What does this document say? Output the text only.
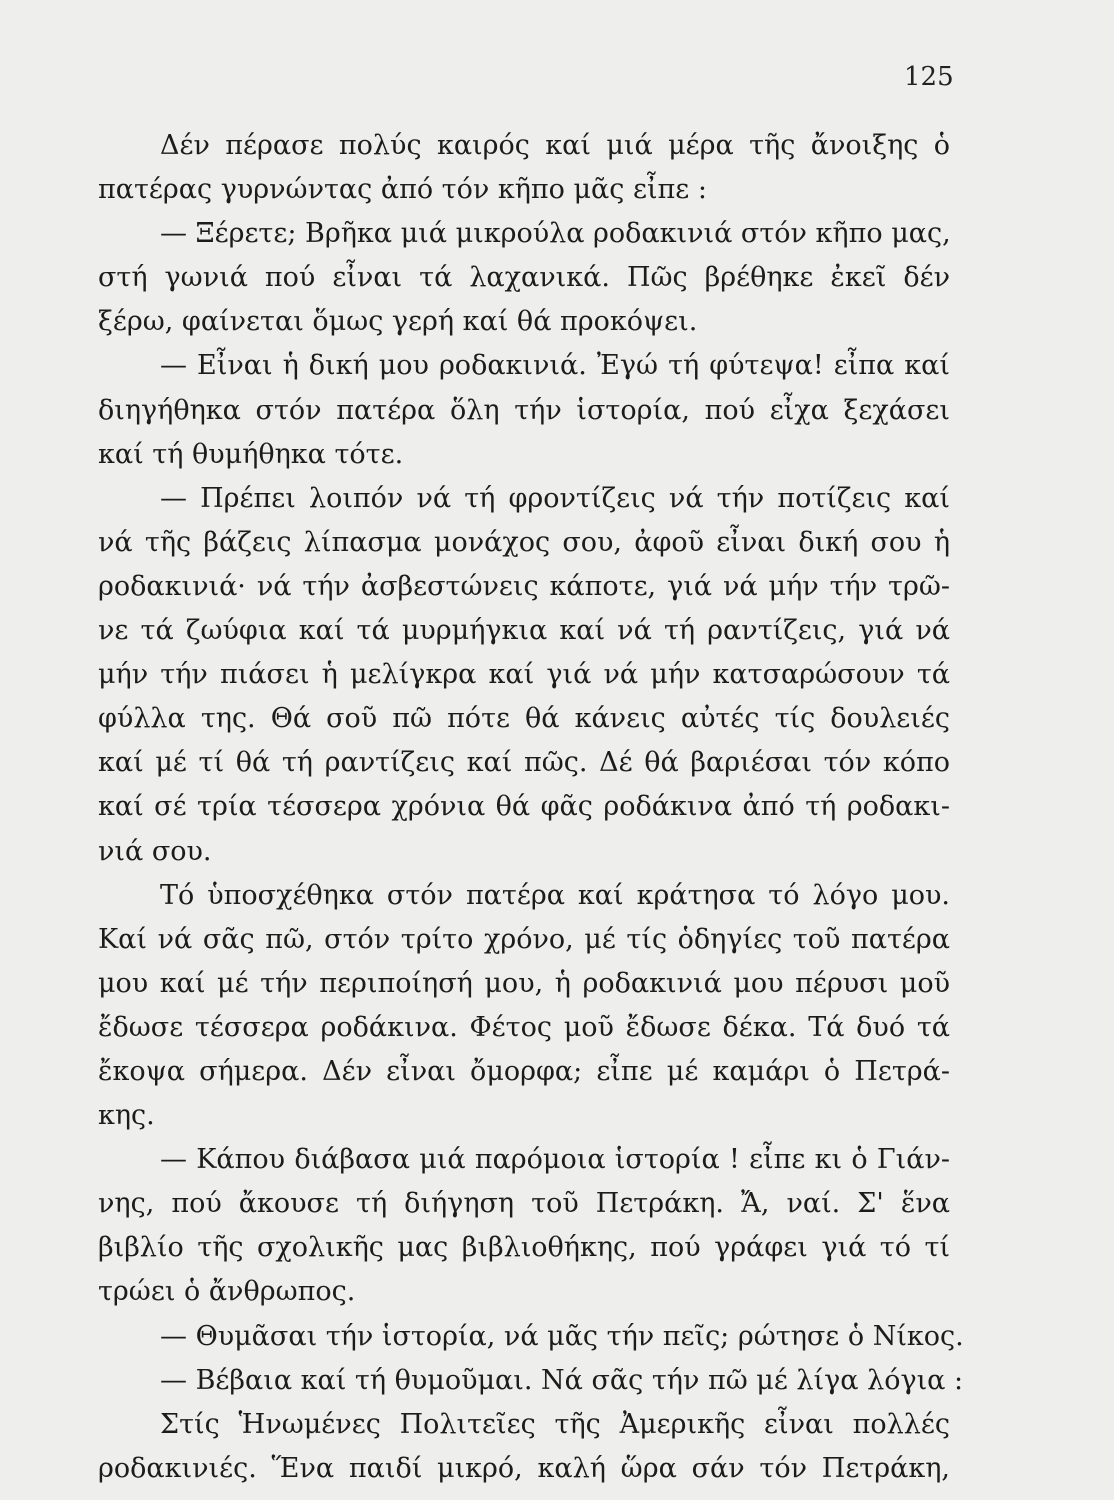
125
Δέν πέρασε πολύς καιρός καί μιά μέρα τῆς ἄνοιξης ὁ
πατέρας γυρνώντας ἀπό τόν κῆπο μᾶς εἶπε :
— Ξέρετε; Βρῆκα μιά μικρούλα ροδακινιά στόν κῆπο μας,
στή γωνιά πού εἶναι τά λαχανικά. Πῶς βρέθηκε ἐκεῖ δέν
ξέρω, φαίνεται ὅμως γερή καί θά προκόψει.
— Εἶναι ἡ δική μου ροδακινιά. Ἐγώ τή φύτεψα! εἶπα καί
διηγήθηκα στόν πατέρα ὅλη τήν ἱστορία, πού εἶχα ξεχάσει
καί τή θυμήθηκα τότε.
— Πρέπει λοιπόν νά τή φροντίζεις νά τήν ποτίζεις καί
νά τῆς βάζεις λίπασμα μονάχος σου, ἀφοῦ εἶναι δική σου ἡ
ροδακινιά· νά τήν ἀσβεστώνεις κάποτε, γιά νά μήν τήν τρῶ-
νε τά ζωύφια καί τά μυρμήγκια καί νά τή ραντίζεις, γιά νά
μήν τήν πιάσει ἡ μελίγκρα καί γιά νά μήν κατσαρώσουν τά
φύλλα της. Θά σοῦ πῶ πότε θά κάνεις αὐτές τίς δουλειές
καί μέ τί θά τή ραντίζεις καί πῶς. Δέ θά βαριέσαι τόν κόπο
καί σέ τρία τέσσερα χρόνια θά φᾶς ροδάκινα ἀπό τή ροδακι-
νιά σου.
Τό ὑποσχέθηκα στόν πατέρα καί κράτησα τό λόγο μου.
Καί νά σᾶς πῶ, στόν τρίτο χρόνο, μέ τίς ὁδηγίες τοῦ πατέρα
μου καί μέ τήν περιποίησή μου, ἡ ροδακινιά μου πέρυσι μοῦ
ἔδωσε τέσσερα ροδάκινα. Φέτος μοῦ ἔδωσε δέκα. Τά δυό τά
ἔκοψα σήμερα. Δέν εἶναι ὄμορφα; εἶπε μέ καμάρι ὁ Πετρά-
κης.
— Κάπου διάβασα μιά παρόμοια ἱστορία ! εἶπε κι ὁ Γιάν-
νης, πού ἄκουσε τή διήγηση τοῦ Πετράκη. Ἄ, ναί. Σ' ἕνα
βιβλίο τῆς σχολικῆς μας βιβλιοθήκης, πού γράφει γιά τό τί
τρώει ὁ ἄνθρωπος.
— Θυμᾶσαι τήν ἱστορία, νά μᾶς τήν πεῖς; ρώτησε ὁ Νίκος.
— Βέβαια καί τή θυμοῦμαι. Νά σᾶς τήν πῶ μέ λίγα λόγια :
Στίς Ἡνωμένες Πολιτεῖες τῆς Ἀμερικῆς εἶναι πολλές
ροδακινιές. Ἕνα παιδί μικρό, καλή ὥρα σάν τόν Πετράκη,
